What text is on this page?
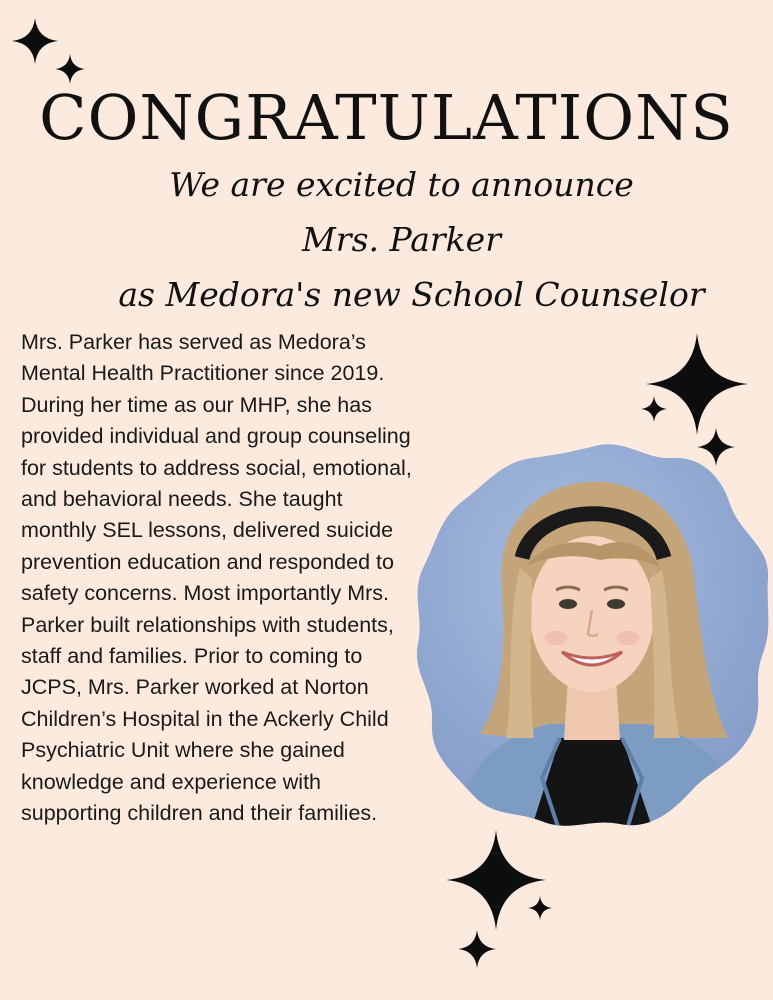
CONGRATULATIONS
We are excited to announce
Mrs. Parker
as Medora's new School Counselor
Mrs. Parker has served as Medora’s Mental Health Practitioner since 2019. During her time as our MHP, she has provided individual and group counseling for students to address social, emotional, and behavioral needs. She taught monthly SEL lessons, delivered suicide prevention education and responded to safety concerns. Most importantly Mrs. Parker built relationships with students, staff and families. Prior to coming to JCPS, Mrs. Parker worked at Norton Children’s Hospital in the Ackerly Child Psychiatric Unit where she gained knowledge and experience with supporting children and their families.
